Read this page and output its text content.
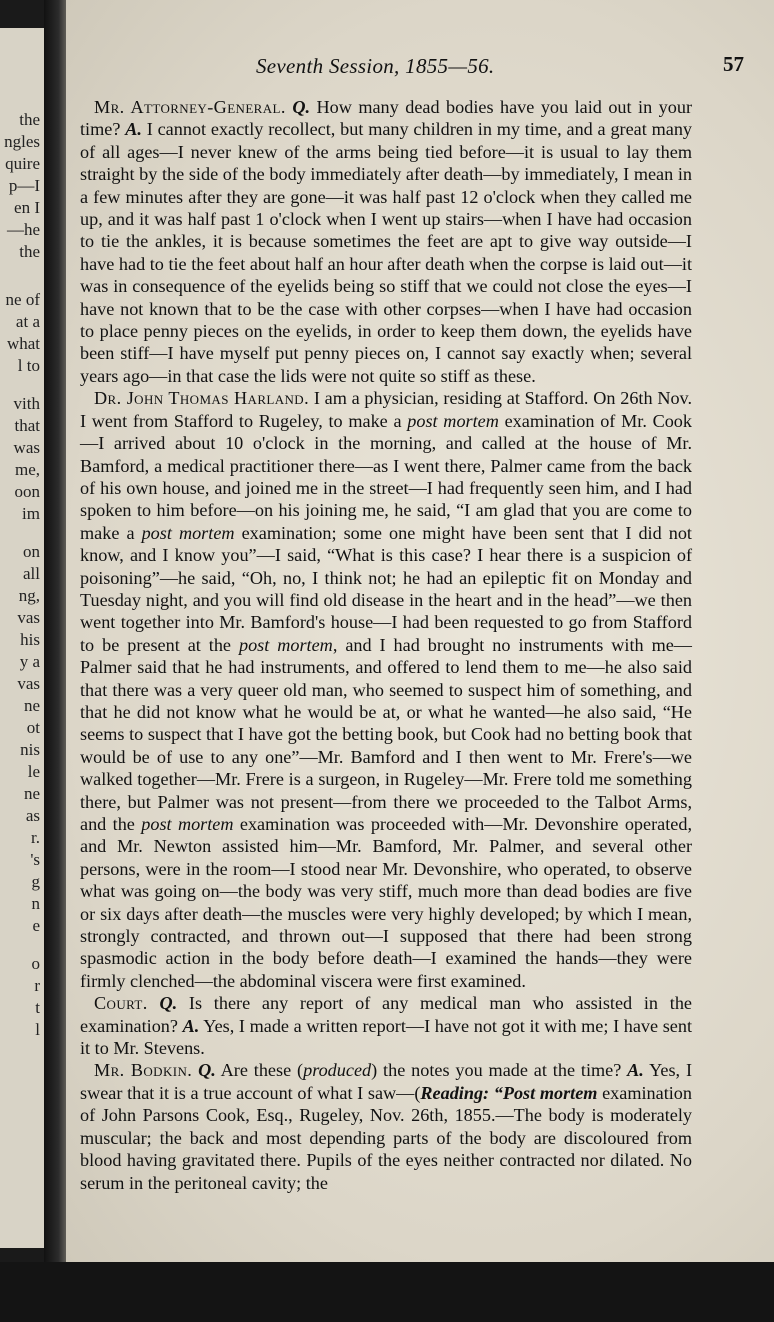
the
ngles
quire
p—I
en I
—he
the
ne of
at a
what
l to
vith
that
was
me,
oon
im
on
all
ng,
vas
his
y a
vas
ne
ot
nis
le
ne
as
r.
's
g
n
e
o
r
t
l
Seventh Session, 1855—56.	57

Mr. Attorney-General. Q. How many dead bodies have you laid out in your time? A. I cannot exactly recollect, but many children in my time, and a great many of all ages—I never knew of the arms being tied before—it is usual to lay them straight by the side of the body immediately after death—by immediately, I mean in a few minutes after they are gone—it was half past 12 o'clock when they called me up, and it was half past 1 o'clock when I went up stairs—when I have had occasion to tie the ankles, it is because sometimes the feet are apt to give way outside—I have had to tie the feet about half an hour after death when the corpse is laid out—it was in consequence of the eyelids being so stiff that we could not close the eyes—I have not known that to be the case with other corpses—when I have had occasion to place penny pieces on the eyelids, in order to keep them down, the eyelids have been stiff—I have myself put penny pieces on, I cannot say exactly when; several years ago—in that case the lids were not quite so stiff as these.

Dr. John Thomas Harland. I am a physician, residing at Stafford. On 26th Nov. I went from Stafford to Rugeley, to make a post mortem examination of Mr. Cook—I arrived about 10 o'clock in the morning, and called at the house of Mr. Bamford, a medical practitioner there—as I went there, Palmer came from the back of his own house, and joined me in the street—I had frequently seen him, and I had spoken to him before—on his joining me, he said, “I am glad that you are come to make a post mortem examination; some one might have been sent that I did not know, and I know you”—I said, “What is this case? I hear there is a suspicion of poisoning”—he said, “Oh, no, I think not; he had an epileptic fit on Monday and Tuesday night, and you will find old disease in the heart and in the head”—we then went together into Mr. Bamford's house—I had been requested to go from Stafford to be present at the post mortem, and I had brought no instruments with me—Palmer said that he had instruments, and offered to lend them to me—he also said that there was a very queer old man, who seemed to suspect him of something, and that he did not know what he would be at, or what he wanted—he also said, “He seems to suspect that I have got the betting book, but Cook had no betting book that would be of use to any one”—Mr. Bamford and I then went to Mr. Frere's—we walked together—Mr. Frere is a surgeon, in Rugeley—Mr. Frere told me something there, but Palmer was not present—from there we proceeded to the Talbot Arms, and the post mortem examination was proceeded with—Mr. Devonshire operated, and Mr. Newton assisted him—Mr. Bamford, Mr. Palmer, and several other persons, were in the room—I stood near Mr. Devonshire, who operated, to observe what was going on—the body was very stiff, much more than dead bodies are five or six days after death—the muscles were very highly developed; by which I mean, strongly contracted, and thrown out—I supposed that there had been strong spasmodic action in the body before death—I examined the hands—they were firmly clenched—the abdominal viscera were first examined.

Court. Q. Is there any report of any medical man who assisted in the examination? A. Yes, I made a written report—I have not got it with me; I have sent it to Mr. Stevens.

Mr. Bodkin. Q. Are these (produced) the notes you made at the time? A. Yes, I swear that it is a true account of what I saw—(Reading: “Post mortem examination of John Parsons Cook, Esq., Rugeley, Nov. 26th, 1855.—The body is moderately muscular; the back and most depending parts of the body are discoloured from blood having gravitated there. Pupils of the eyes neither contracted nor dilated. No serum in the peritoneal cavity; the
